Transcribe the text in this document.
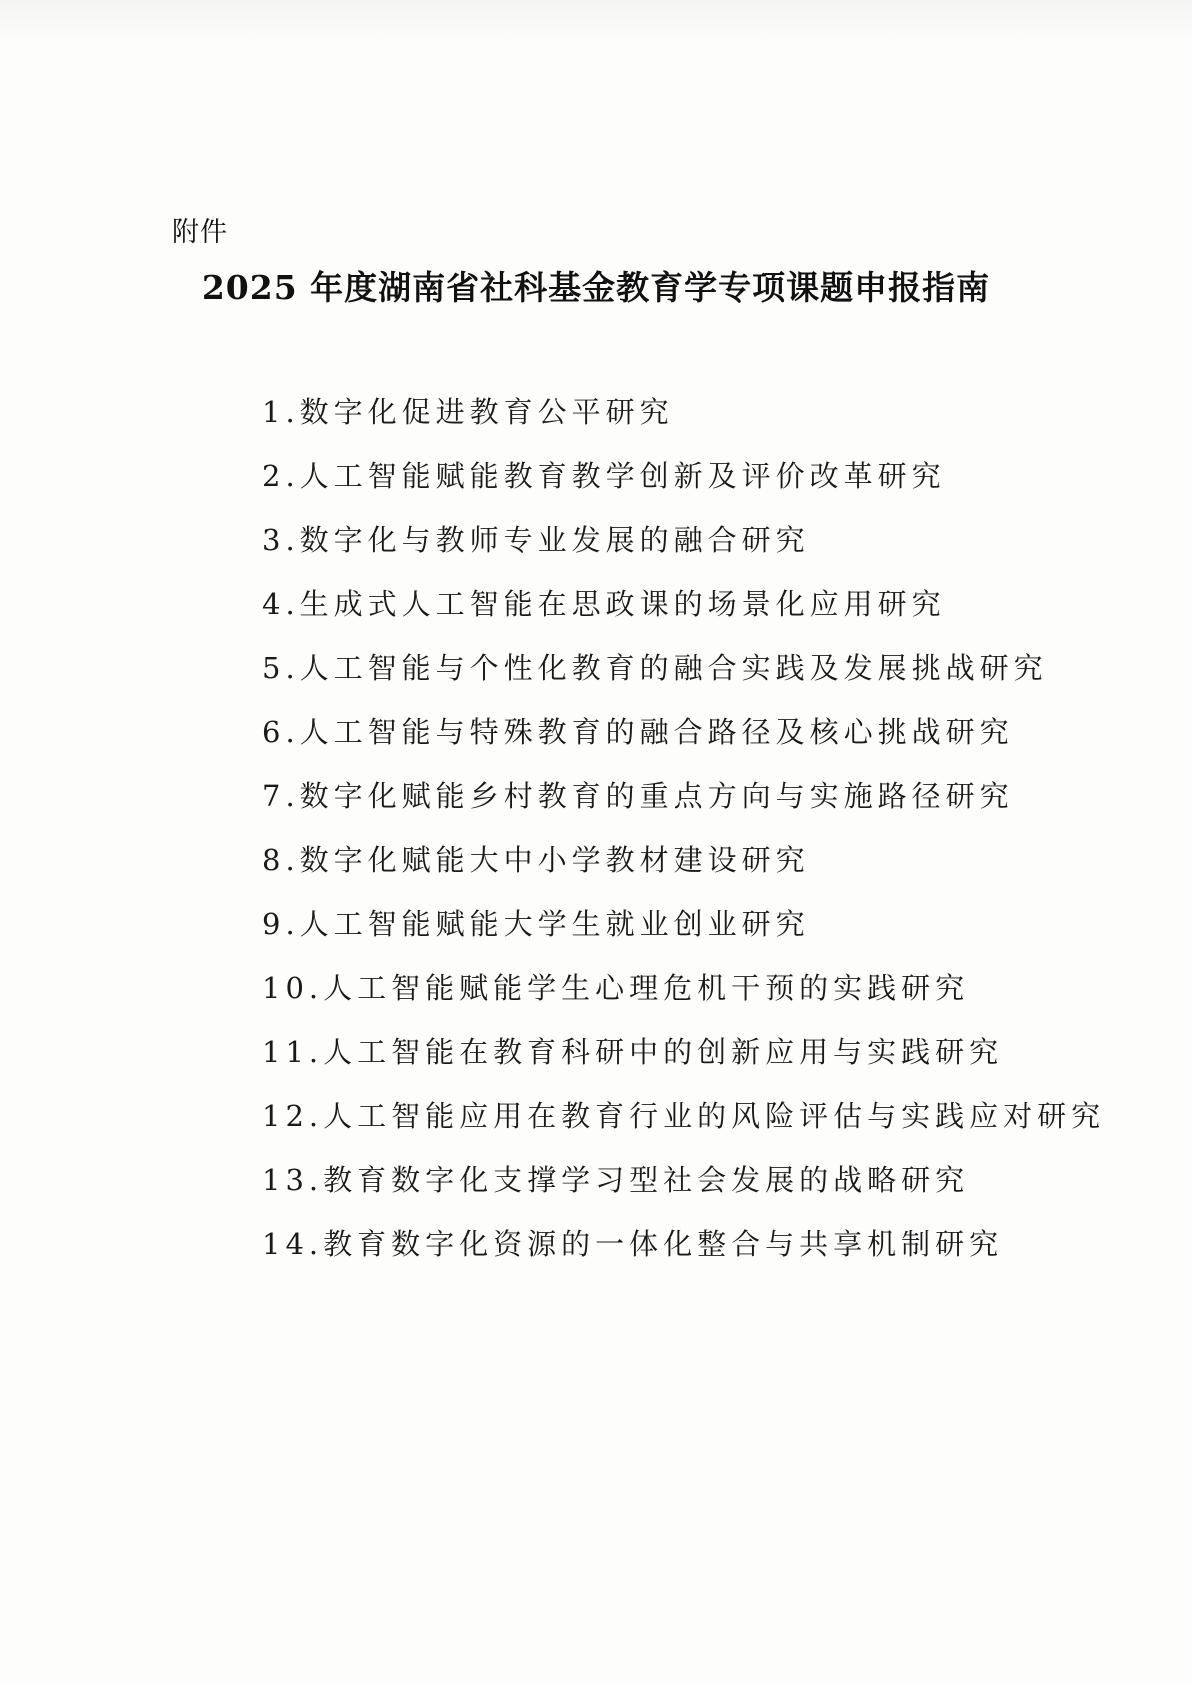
附件
2025 年度湖南省社科基金教育学专项课题申报指南
1.数字化促进教育公平研究
2.人工智能赋能教育教学创新及评价改革研究
3.数字化与教师专业发展的融合研究
4.生成式人工智能在思政课的场景化应用研究
5.人工智能与个性化教育的融合实践及发展挑战研究
6.人工智能与特殊教育的融合路径及核心挑战研究
7.数字化赋能乡村教育的重点方向与实施路径研究
8.数字化赋能大中小学教材建设研究
9.人工智能赋能大学生就业创业研究
10.人工智能赋能学生心理危机干预的实践研究
11.人工智能在教育科研中的创新应用与实践研究
12.人工智能应用在教育行业的风险评估与实践应对研究
13.教育数字化支撑学习型社会发展的战略研究
14.教育数字化资源的一体化整合与共享机制研究
